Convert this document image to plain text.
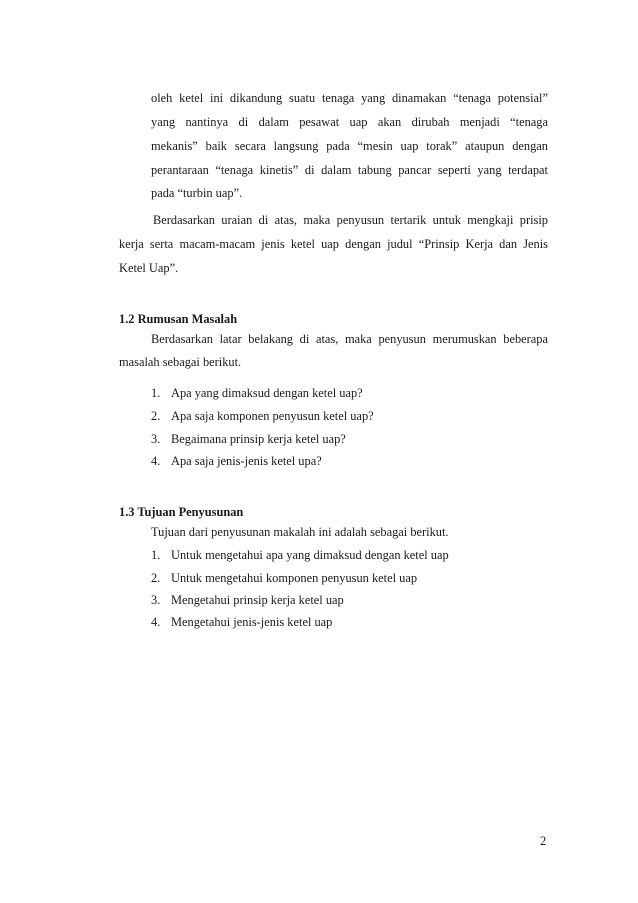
oleh ketel ini dikandung suatu tenaga yang dinamakan “tenaga potensial”
yang nantinya di dalam pesawat uap akan dirubah menjadi “tenaga
mekanis” baik secara langsung pada “mesin uap torak” ataupun dengan
perantaraan “tenaga kinetis” di dalam tabung pancar seperti yang terdapat
pada “turbin uap”.
Berdasarkan uraian di atas, maka penyusun tertarik untuk mengkaji prisip
kerja serta macam-macam jenis ketel uap dengan judul “Prinsip Kerja dan Jenis
Ketel Uap”.
1.2 Rumusan Masalah
Berdasarkan latar belakang di atas, maka penyusun merumuskan beberapa
masalah sebagai berikut.
1. Apa yang dimaksud dengan ketel uap?
2. Apa saja komponen penyusun ketel uap?
3. Begaimana prinsip kerja ketel uap?
4. Apa saja jenis-jenis ketel upa?
1.3 Tujuan Penyusunan
Tujuan dari penyusunan makalah ini adalah sebagai berikut.
1. Untuk mengetahui apa yang dimaksud dengan ketel uap
2. Untuk mengetahui komponen penyusun ketel uap
3. Mengetahui prinsip kerja ketel uap
4. Mengetahui jenis-jenis ketel uap
2
